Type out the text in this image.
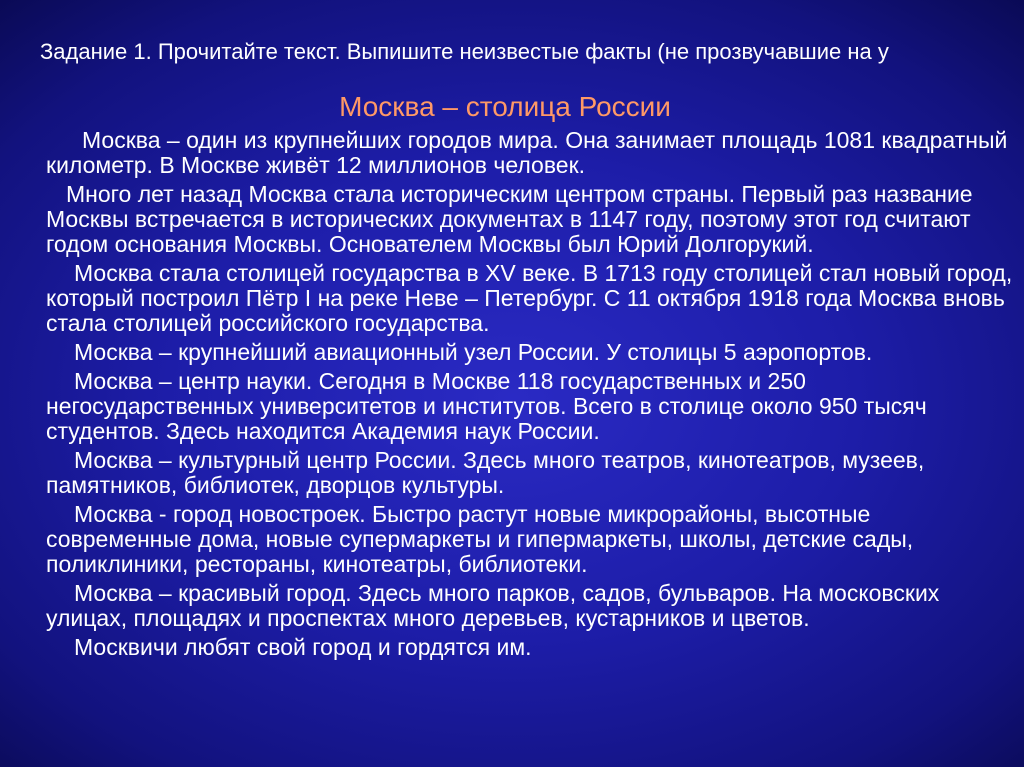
Задание 1. Прочитайте текст. Выпишите неизвестые факты (не прозвучавшие на у
Москва – столица России

Москва – один из крупнейших городов мира. Она занимает площадь 1081 квадратный километр. В Москве живёт 12 миллионов человек.

Много лет назад Москва стала историческим центром страны. Первый раз название Москвы встречается в исторических документах в 1147 году, поэтому этот год считают годом основания Москвы. Основателем Москвы был Юрий Долгорукий.

Москва стала столицей государства в XV веке. В 1713 году столицей стал новый город, который построил Пётр I на реке Неве – Петербург. С 11 октября 1918 года Москва вновь стала столицей российского государства.

Москва – крупнейший авиационный узел России. У столицы 5 аэропортов.

Москва – центр науки. Сегодня в Москве 118 государственных и 250 негосударственных университетов и институтов. Всего в столице около 950 тысяч студентов. Здесь находится Академия наук России.

Москва – культурный центр России. Здесь много театров, кинотеатров, музеев, памятников, библиотек, дворцов культуры.

Москва - город новостроек. Быстро растут новые микрорайоны, высотные современные дома, новые супермаркеты и гипермаркеты, школы, детские сады, поликлиники, рестораны, кинотеатры, библиотеки.

Москва – красивый город. Здесь много парков, садов, бульваров. На московских улицах, площадях и проспектах много деревьев, кустарников и цветов.

Москвичи любят свой город и гордятся им.
